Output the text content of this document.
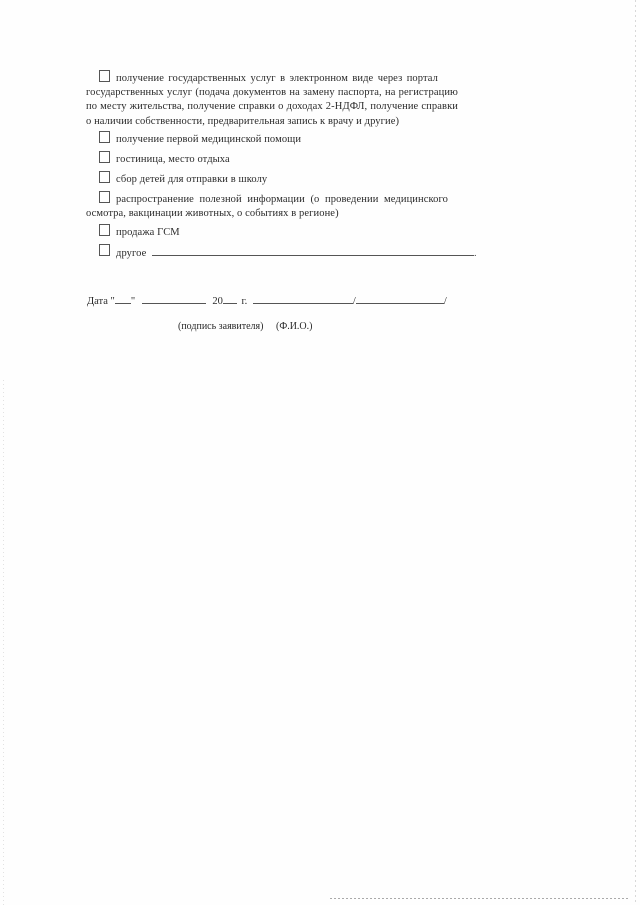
получение государственных услуг в электронном виде через портал
государственных услуг (подача документов на замену паспорта, на регистрацию
по месту жительства, получение справки о доходах 2-НДФЛ, получение справки
о наличии собственности, предварительная запись к врачу и другие)
получение первой медицинской помощи
гостиница, место отдыха
сбор детей для отправки в школу
распространение полезной информации (о проведении медицинского
осмотра, вакцинации животных, о событиях в регионе)
продажа ГСМ
другое	.
Дата " "	20 г.	/	/
(подпись заявителя) (Ф.И.О.)
